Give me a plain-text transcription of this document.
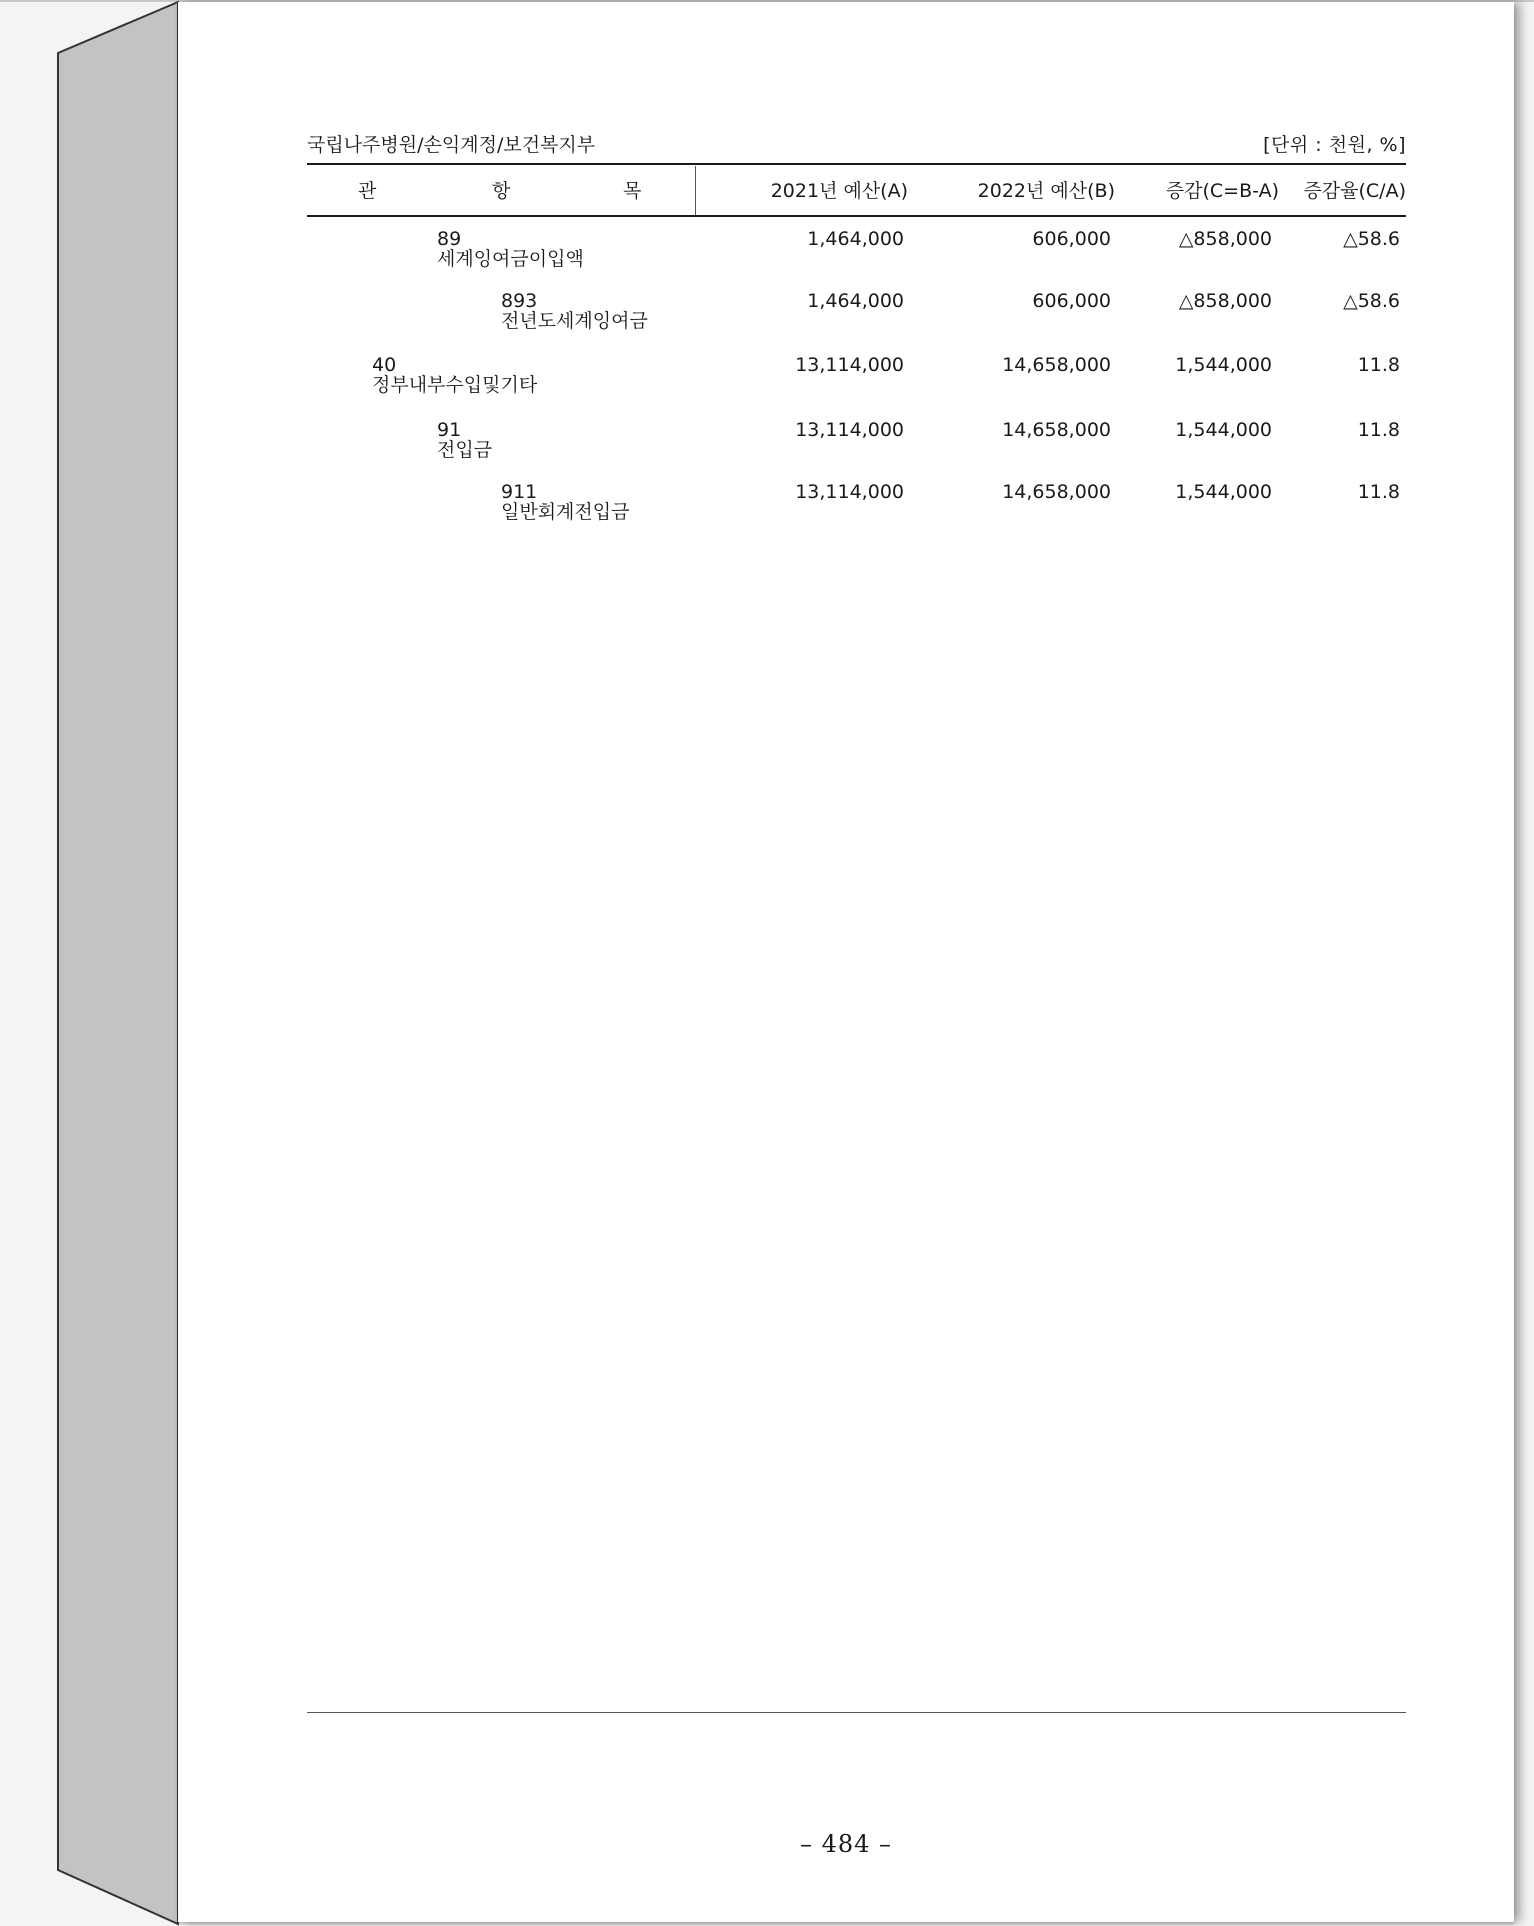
국립나주병원/손익계정/보건복지부	[단위 : 천원, %]
관	항	목	2021년 예산(A)	2022년 예산(B)	증감(C=B-A)	증감율(C/A)
89
세계잉여금이입액
1,464,000	606,000	△858,000	△58.6
893
전년도세계잉여금
1,464,000	606,000	△858,000	△58.6
40
정부내부수입및기타
13,114,000	14,658,000	1,544,000	11.8
91
전입금
13,114,000	14,658,000	1,544,000	11.8
911
일반회계전입금
13,114,000	14,658,000	1,544,000	11.8
– 484 –
